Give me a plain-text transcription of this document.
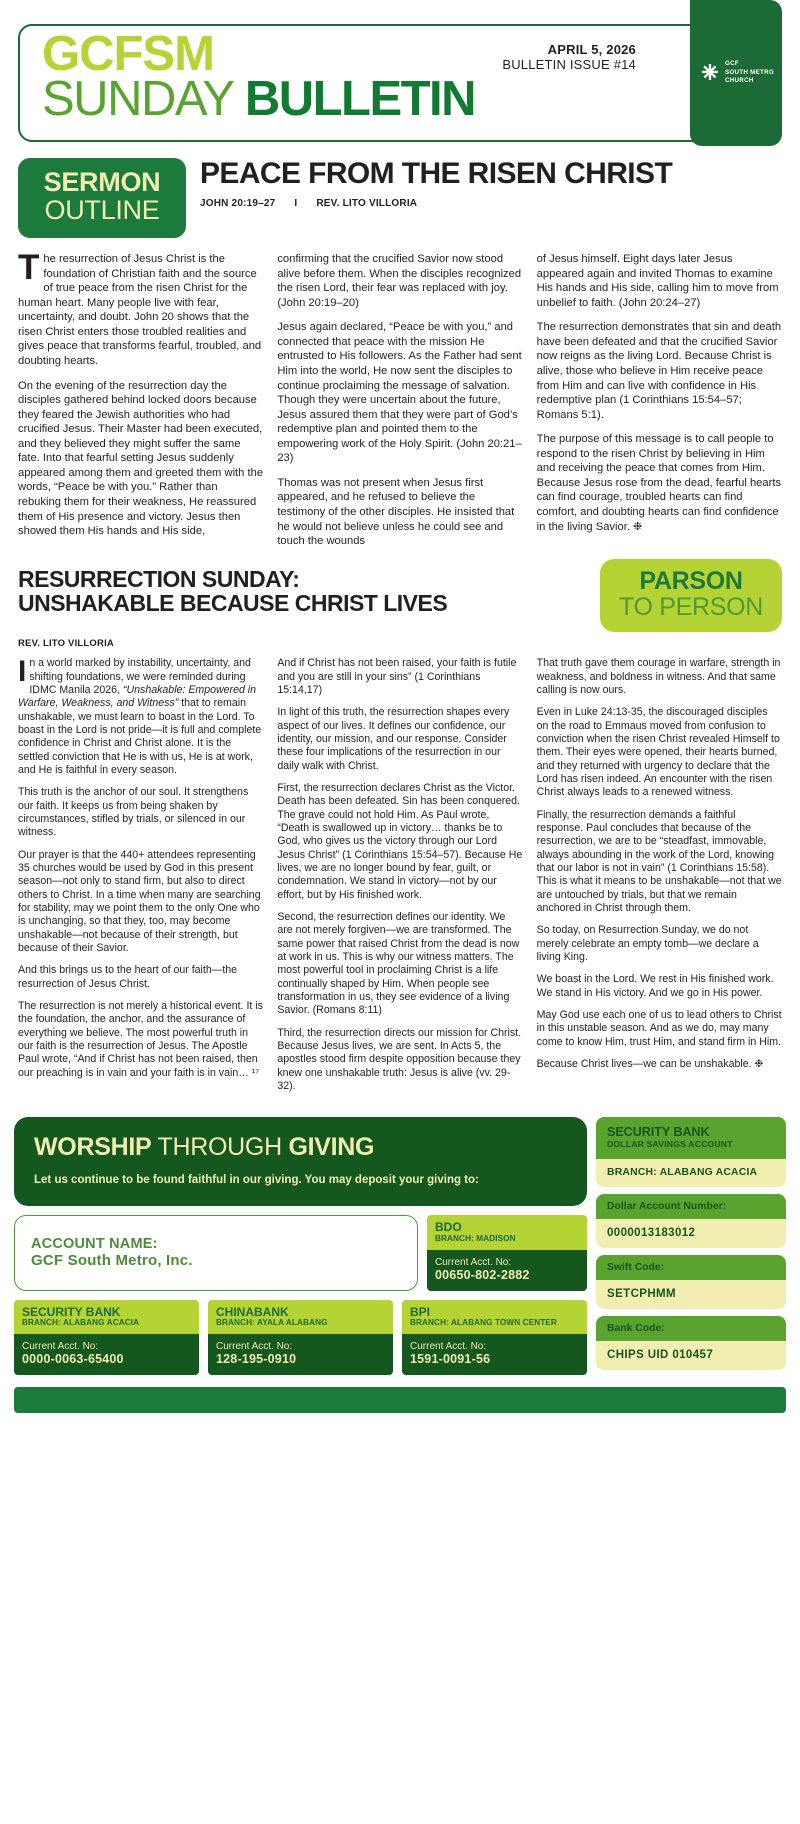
GCFSM
SUNDAY BULLETIN
APRIL 5, 2026
BULLETIN ISSUE #14	GCF
SOUTH METRO
CHURCH
SERMON
OUTLINE
PEACE FROM THE RISEN CHRIST
JOHN 20:19–27 I REV. LITO VILLORIA

The resurrection of Jesus Christ is the foundation of Christian faith and the source of true peace from the risen Christ for the human heart. Many people live with fear, uncertainty, and doubt. John 20 shows that the risen Christ enters those troubled realities and gives peace that transforms fearful, troubled, and doubting hearts.

On the evening of the resurrection day the disciples gathered behind locked doors because they feared the Jewish authorities who had crucified Jesus. Their Master had been executed, and they believed they might suffer the same fate. Into that fearful setting Jesus suddenly appeared among them and greeted them with the words, “Peace be with you.” Rather than rebuking them for their weakness, He reassured them of His presence and victory. Jesus then showed them His hands and His side,

confirming that the crucified Savior now stood alive before them. When the disciples recognized the risen Lord, their fear was replaced with joy. (John 20:19–20)

Jesus again declared, “Peace be with you,” and connected that peace with the mission He entrusted to His followers. As the Father had sent Him into the world, He now sent the disciples to continue proclaiming the message of salvation. Though they were uncertain about the future, Jesus assured them that they were part of God’s redemptive plan and pointed them to the empowering work of the Holy Spirit. (John 20:21–23)

Thomas was not present when Jesus first appeared, and he refused to believe the testimony of the other disciples. He insisted that he would not believe unless he could see and touch the wounds

of Jesus himself. Eight days later Jesus appeared again and invited Thomas to examine His hands and His side, calling him to move from unbelief to faith. (John 20:24–27)

The resurrection demonstrates that sin and death have been defeated and that the crucified Savior now reigns as the living Lord. Because Christ is alive, those who believe in Him receive peace from Him and can live with confidence in His redemptive plan (1 Corinthians 15:54–57; Romans 5:1).

The purpose of this message is to call people to respond to the risen Christ by believing in Him and receiving the peace that comes from Him. Because Jesus rose from the dead, fearful hearts can find courage, troubled hearts can find comfort, and doubting hearts can find confidence in the living Savior. ❉

RESURRECTION SUNDAY:
UNSHAKABLE BECAUSE CHRIST LIVES
PARSON
TO PERSON
REV. LITO VILLORIA

In a world marked by instability, uncertainty, and shifting foundations, we were reminded during IDMC Manila 2026, “Unshakable: Empowered in Warfare, Weakness, and Witness” that to remain unshakable, we must learn to boast in the Lord. To boast in the Lord is not pride—it is full and complete confidence in Christ and Christ alone. It is the settled conviction that He is with us, He is at work, and He is faithful in every season.

This truth is the anchor of our soul. It strengthens our faith. It keeps us from being shaken by circumstances, stifled by trials, or silenced in our witness.

Our prayer is that the 440+ attendees representing 35 churches would be used by God in this present season—not only to stand firm, but also to direct others to Christ. In a time when many are searching for stability, may we point them to the only One who is unchanging, so that they, too, may become unshakable—not because of their strength, but because of their Savior.

And this brings us to the heart of our faith—the resurrection of Jesus Christ.

The resurrection is not merely a historical event. It is the foundation, the anchor, and the assurance of everything we believe. The most powerful truth in our faith is the resurrection of Jesus. The Apostle Paul wrote, “And if Christ has not been raised, then our preaching is in vain and your faith is in vain… ¹⁷

And if Christ has not been raised, your faith is futile and you are still in your sins” (1 Corinthians 15:14,17)

In light of this truth, the resurrection shapes every aspect of our lives. It defines our confidence, our identity, our mission, and our response. Consider these four implications of the resurrection in our daily walk with Christ.

First, the resurrection declares Christ as the Victor. Death has been defeated. Sin has been conquered. The grave could not hold Him. As Paul wrote, “Death is swallowed up in victory… thanks be to God, who gives us the victory through our Lord Jesus Christ” (1 Corinthians 15:54–57). Because He lives, we are no longer bound by fear, guilt, or condemnation. We stand in victory—not by our effort, but by His finished work.

Second, the resurrection defines our identity. We are not merely forgiven—we are transformed. The same power that raised Christ from the dead is now at work in us. This is why our witness matters. The most powerful tool in proclaiming Christ is a life continually shaped by Him. When people see transformation in us, they see evidence of a living Savior. (Romans 8:11)

Third, the resurrection directs our mission for Christ. Because Jesus lives, we are sent. In Acts 5, the apostles stood firm despite opposition because they knew one unshakable truth: Jesus is alive (vv. 29-32).

That truth gave them courage in warfare, strength in weakness, and boldness in witness. And that same calling is now ours.

Even in Luke 24:13-35, the discouraged disciples on the road to Emmaus moved from confusion to conviction when the risen Christ revealed Himself to them. Their eyes were opened, their hearts burned, and they returned with urgency to declare that the Lord has risen indeed. An encounter with the risen Christ always leads to a renewed witness.

Finally, the resurrection demands a faithful response. Paul concludes that because of the resurrection, we are to be “steadfast, immovable, always abounding in the work of the Lord, knowing that our labor is not in vain” (1 Corinthians 15:58). This is what it means to be unshakable—not that we are untouched by trials, but that we remain anchored in Christ through them.

So today, on Resurrection Sunday, we do not merely celebrate an empty tomb—we declare a living King.

We boast in the Lord. We rest in His finished work. We stand in His victory. And we go in His power.

May God use each one of us to lead others to Christ in this unstable season. And as we do, may many come to know Him, trust Him, and stand firm in Him.

Because Christ lives—we can be unshakable. ❉

WORSHIP THROUGH GIVING

Let us continue to be found faithful in our giving. You may deposit your giving to:

ACCOUNT NAME:
GCF South Metro, Inc.
BDO
BRANCH: MADISON
Current Acct. No:
00650-802-2882
SECURITY BANK
BRANCH: ALABANG ACACIA
Current Acct. No:
0000-0063-65400
CHINABANK
BRANCH: AYALA ALABANG
Current Acct. No:
128-195-0910
BPI
BRANCH: ALABANG TOWN CENTER
Current Acct. No:
1591-0091-56
SECURITY BANK
DOLLAR SAVINGS ACCOUNT
BRANCH: ALABANG ACACIA
Dollar Account Number:
0000013183012
Swift Code:
SETCPHMM
Bank Code:
CHIPS UID 010457
